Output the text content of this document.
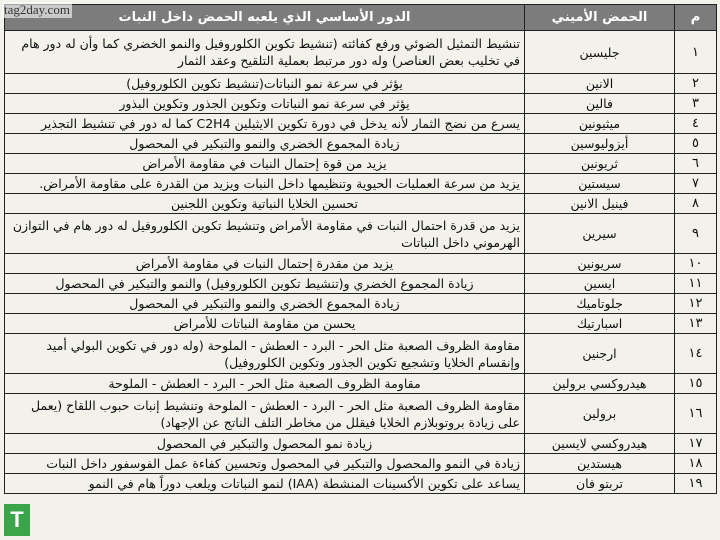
tag2day.com
م	الحمض الأميني	الدور الأساسي الذي يلعبه الحمض داخل النبات
١	جليسين	تنشيط التمثيل الضوئي ورفع كفائته (تنشيط تكوين الكلوروفيل والنمو الخضري كما وأن له دور هام في تخليب بعض العناصر) وله دور مرتبط بعملية التلقيح وعقد الثمار
٢	الانين	يؤثر في سرعة نمو النباتات(تنشيط تكوين الكلوروفيل)
٣	فالين	يؤثر في سرعة نمو النباتات وتكوين الجذور وتكوين البذور
٤	ميثيونين	يسرع من نضج الثمار لأنه يدخل في دورة تكوين الايثيلين C2H4 كما له دور في تنشيط التجذير
٥	أيزوليوسين	زيادة المجموع الخضري والنمو والتبكير في المحصول
٦	ثريونين	يزيد من قوة إحتمال النبات في مقاومة الأمراض
٧	سيستين	يزيد من سرعة العمليات الحيوية وتنظيمها داخل النبات ويزيد من القدرة على مقاومة الأمراض.
٨	فينيل الانين	تحسين الخلايا النباتية وتكوين اللجنين
٩	سيرين	يزيد من قدرة احتمال النبات في مقاومة الأمراض وتنشيط تكوين الكلوروفيل له دور هام في التوازن الهرموني داخل النباتات
١٠	سريونين	يزيد من مقدرة إحتمال النبات في مقاومة الأمراض
١١	ايسين	زيادة المجموع الخضري و(تنشيط تكوين الكلوروفيل) والنمو والتبكير في المحصول
١٢	جلوتاميك	زيادة المجموع الخضري والنمو والتبكير في المحصول
١٣	اسبارتيك	يحسن من مقاومة النباتات للأمراض
١٤	ارجنين	مقاومة الظروف الصعبة مثل الحر - البرد - العطش - الملوحة (وله دور في تكوين البولي أميد وإنقسام الخلايا وتشجيع تكوين الجذور وتكوين الكلوروفيل)
١٥	هيدروكسي برولين	مقاومة الظروف الصعبة مثل الحر - البرد - العطش - الملوحة
١٦	برولين	مقاومة الظروف الصعبة مثل الحر - البرد - العطش - الملوحة وتنشيط إنبات حبوب اللقاح (يعمل على زيادة بروتوبلازم الخلايا فيقلل من مخاطر التلف الناتج عن الإجهاد)
١٧	هيدروكسي لايسين	زيادة نمو المحصول والتبكير في المحصول
١٨	هيستدين	زيادة في النمو والمحصول والتبكير في المحصول وتحسين كفاءة عمل الفوسفور داخل النبات
١٩	تربتو فان	يساعد على تكوين الأكسينات المنشطة (IAA) لنمو النباتات ويلعب دوراً هام في النمو
T
